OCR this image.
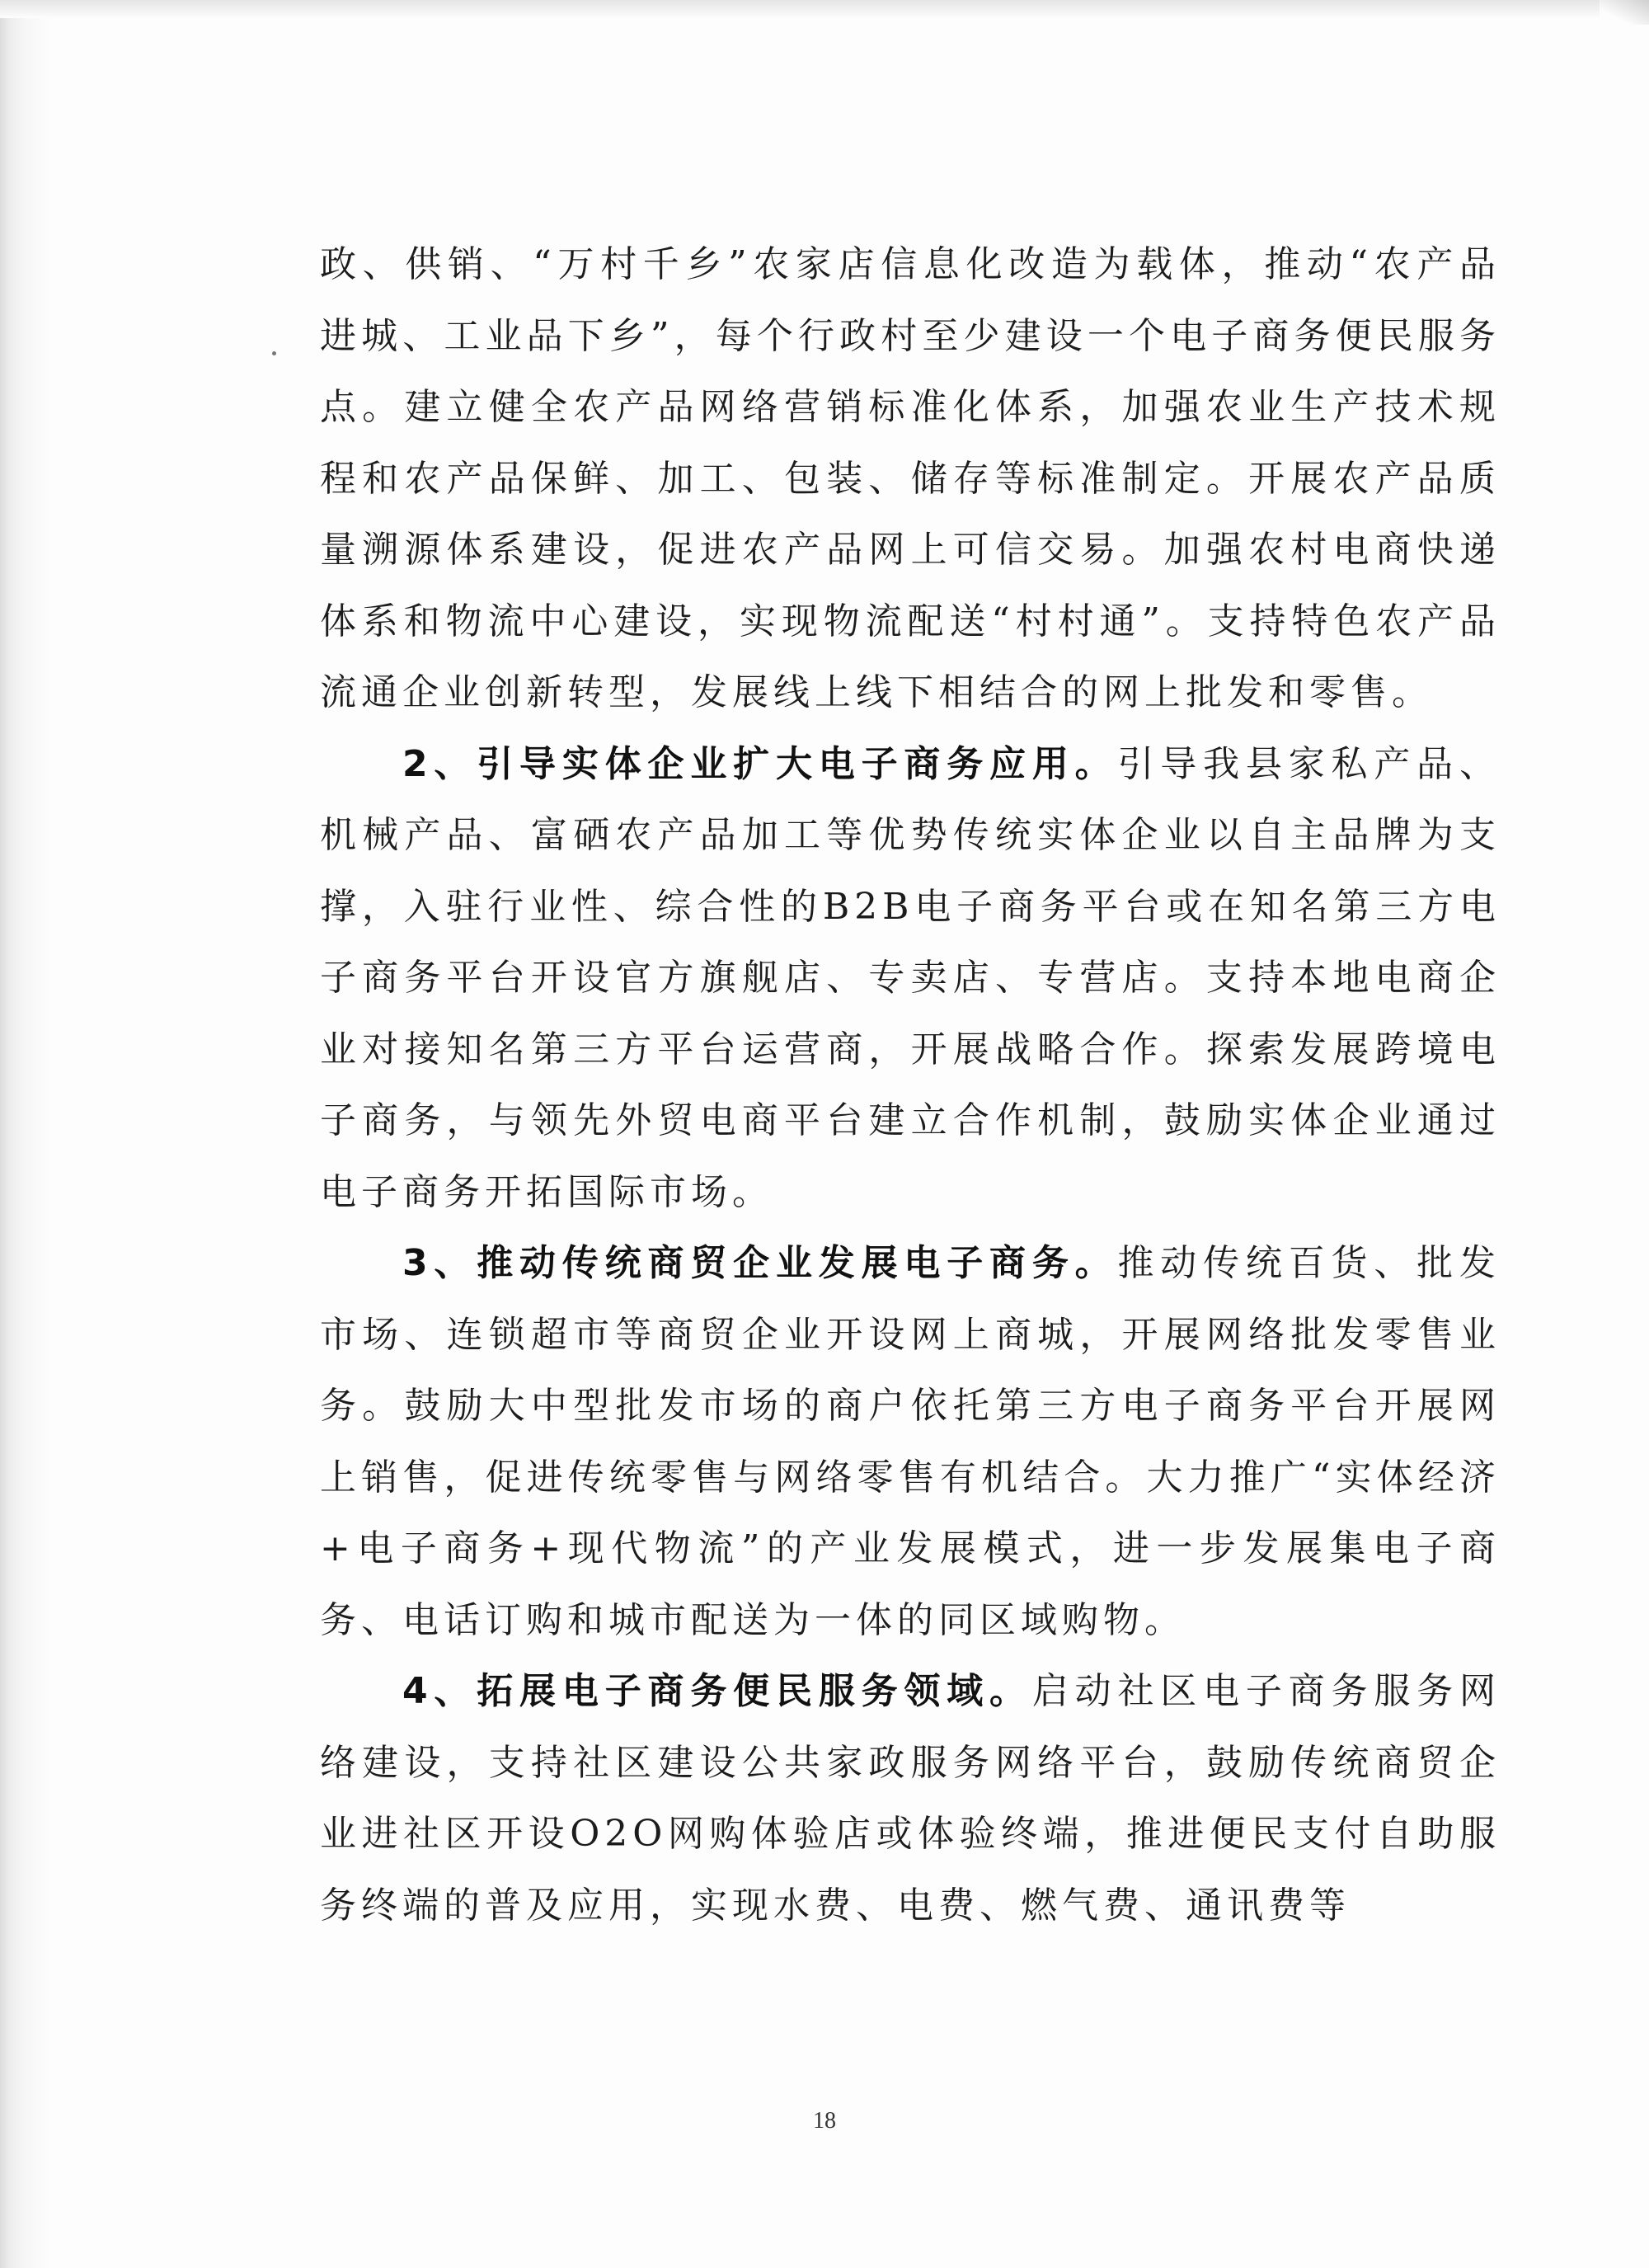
政、供销、“万村千乡”农家店信息化改造为载体，推动“农产品进城、工业品下乡”，每个行政村至少建设一个电子商务便民服务点。建立健全农产品网络营销标准化体系，加强农业生产技术规程和农产品保鲜、加工、包装、储存等标准制定。开展农产品质量溯源体系建设，促进农产品网上可信交易。加强农村电商快递体系和物流中心建设，实现物流配送“村村通”。支持特色农产品流通企业创新转型，发展线上线下相结合的网上批发和零售。

2、引导实体企业扩大电子商务应用。引导我县家私产品、机械产品、富硒农产品加工等优势传统实体企业以自主品牌为支撑，入驻行业性、综合性的B2B电子商务平台或在知名第三方电子商务平台开设官方旗舰店、专卖店、专营店。支持本地电商企业对接知名第三方平台运营商，开展战略合作。探索发展跨境电子商务，与领先外贸电商平台建立合作机制，鼓励实体企业通过电子商务开拓国际市场。

3、推动传统商贸企业发展电子商务。推动传统百货、批发市场、连锁超市等商贸企业开设网上商城，开展网络批发零售业务。鼓励大中型批发市场的商户依托第三方电子商务平台开展网上销售，促进传统零售与网络零售有机结合。大力推广“实体经济+电子商务+现代物流”的产业发展模式，进一步发展集电子商务、电话订购和城市配送为一体的同区域购物。

4、拓展电子商务便民服务领域。启动社区电子商务服务网络建设，支持社区建设公共家政服务网络平台，鼓励传统商贸企业进社区开设O2O网购体验店或体验终端，推进便民支付自助服务终端的普及应用，实现水费、电费、燃气费、通讯费等

18
